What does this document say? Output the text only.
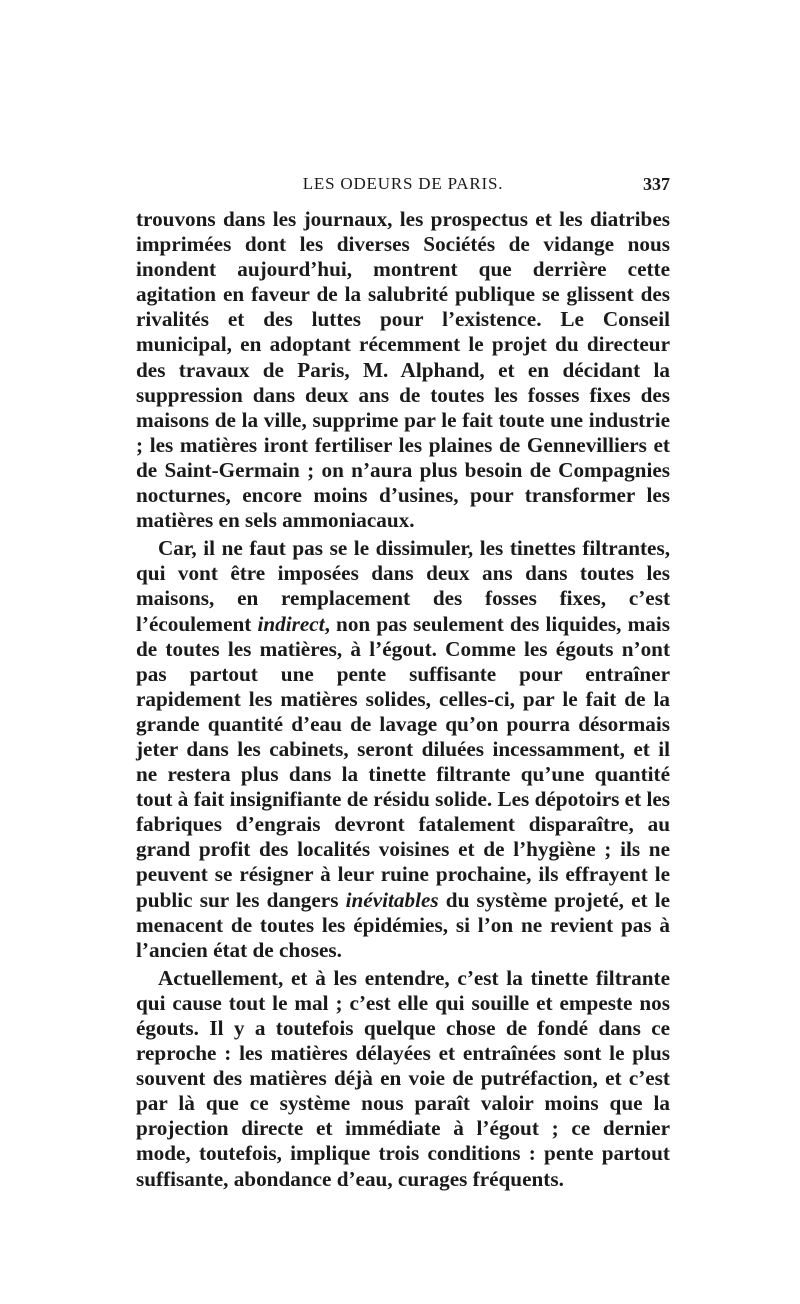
LES ODEURS DE PARIS.	337

trouvons dans les journaux, les prospectus et les diatribes imprimées dont les diverses Sociétés de vidange nous inondent aujourd’hui, montrent que derrière cette agitation en faveur de la salubrité publique se glissent des rivalités et des luttes pour l’existence. Le Conseil municipal, en adoptant récemment le projet du directeur des travaux de Paris, M. Alphand, et en décidant la suppression dans deux ans de toutes les fosses fixes des maisons de la ville, supprime par le fait toute une industrie ; les matières iront fertiliser les plaines de Gennevilliers et de Saint-Germain ; on n’aura plus besoin de Compagnies nocturnes, encore moins d’usines, pour transformer les matières en sels ammoniacaux.

Car, il ne faut pas se le dissimuler, les tinettes filtrantes, qui vont être imposées dans deux ans dans toutes les maisons, en remplacement des fosses fixes, c’est l’écoulement indirect, non pas seulement des liquides, mais de toutes les matières, à l’égout. Comme les égouts n’ont pas partout une pente suffisante pour entraîner rapidement les matières solides, celles-ci, par le fait de la grande quantité d’eau de lavage qu’on pourra désormais jeter dans les cabinets, seront diluées incessamment, et il ne restera plus dans la tinette filtrante qu’une quantité tout à fait insignifiante de résidu solide. Les dépotoirs et les fabriques d’engrais devront fatalement disparaître, au grand profit des localités voisines et de l’hygiène ; ils ne peuvent se résigner à leur ruine prochaine, ils effrayent le public sur les dangers inévitables du système projeté, et le menacent de toutes les épidémies, si l’on ne revient pas à l’ancien état de choses.

Actuellement, et à les entendre, c’est la tinette filtrante qui cause tout le mal ; c’est elle qui souille et empeste nos égouts. Il y a toutefois quelque chose de fondé dans ce reproche : les matières délayées et entraînées sont le plus souvent des matières déjà en voie de putréfaction, et c’est par là que ce système nous paraît valoir moins que la projection directe et immédiate à l’égout ; ce dernier mode, toutefois, implique trois conditions : pente partout suffisante, abondance d’eau, curages fréquents.
